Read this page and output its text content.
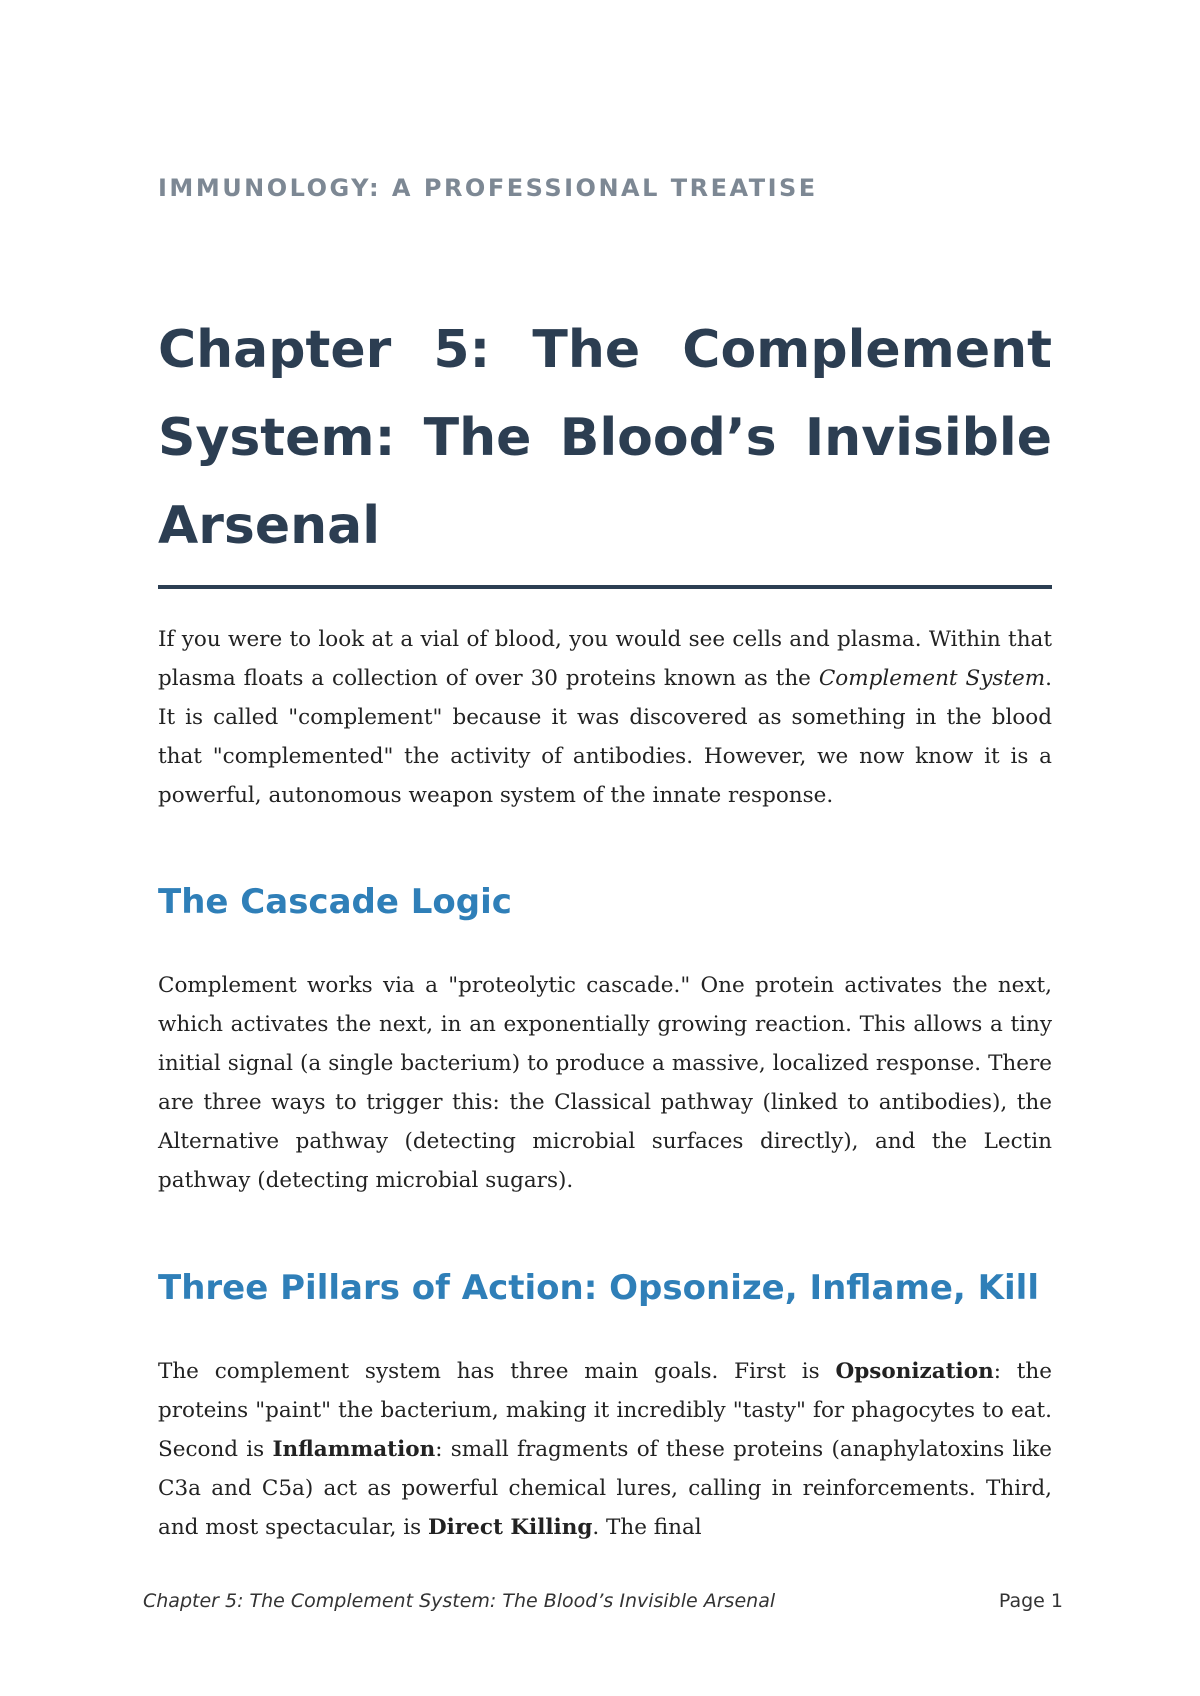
IMMUNOLOGY: A PROFESSIONAL TREATISE
Chapter 5: The Complement System: The Blood’s Invisible Arsenal

If you were to look at a vial of blood, you would see cells and plasma. Within that plasma floats a collection of over 30 proteins known as the Complement System. It is called "complement" because it was discovered as something in the blood that "complemented" the activity of antibodies. However, we now know it is a powerful, autonomous weapon system of the innate response.

The Cascade Logic

Complement works via a "proteolytic cascade." One protein activates the next, which activates the next, in an exponentially growing reaction. This allows a tiny initial signal (a single bacterium) to produce a massive, localized response. There are three ways to trigger this: the Classical pathway (linked to antibodies), the Alternative pathway (detecting microbial surfaces directly), and the Lectin pathway (detecting microbial sugars).

Three Pillars of Action: Opsonize, Inflame, Kill

The complement system has three main goals. First is Opsonization: the proteins "paint" the bacterium, making it incredibly "tasty" for phagocytes to eat. Second is Inflammation: small fragments of these proteins (anaphylatoxins like C3a and C5a) act as powerful chemical lures, calling in reinforcements. Third, and most spectacular, is Direct Killing. The final

Chapter 5: The Complement System: The Blood’s Invisible Arsenal	Page 1
